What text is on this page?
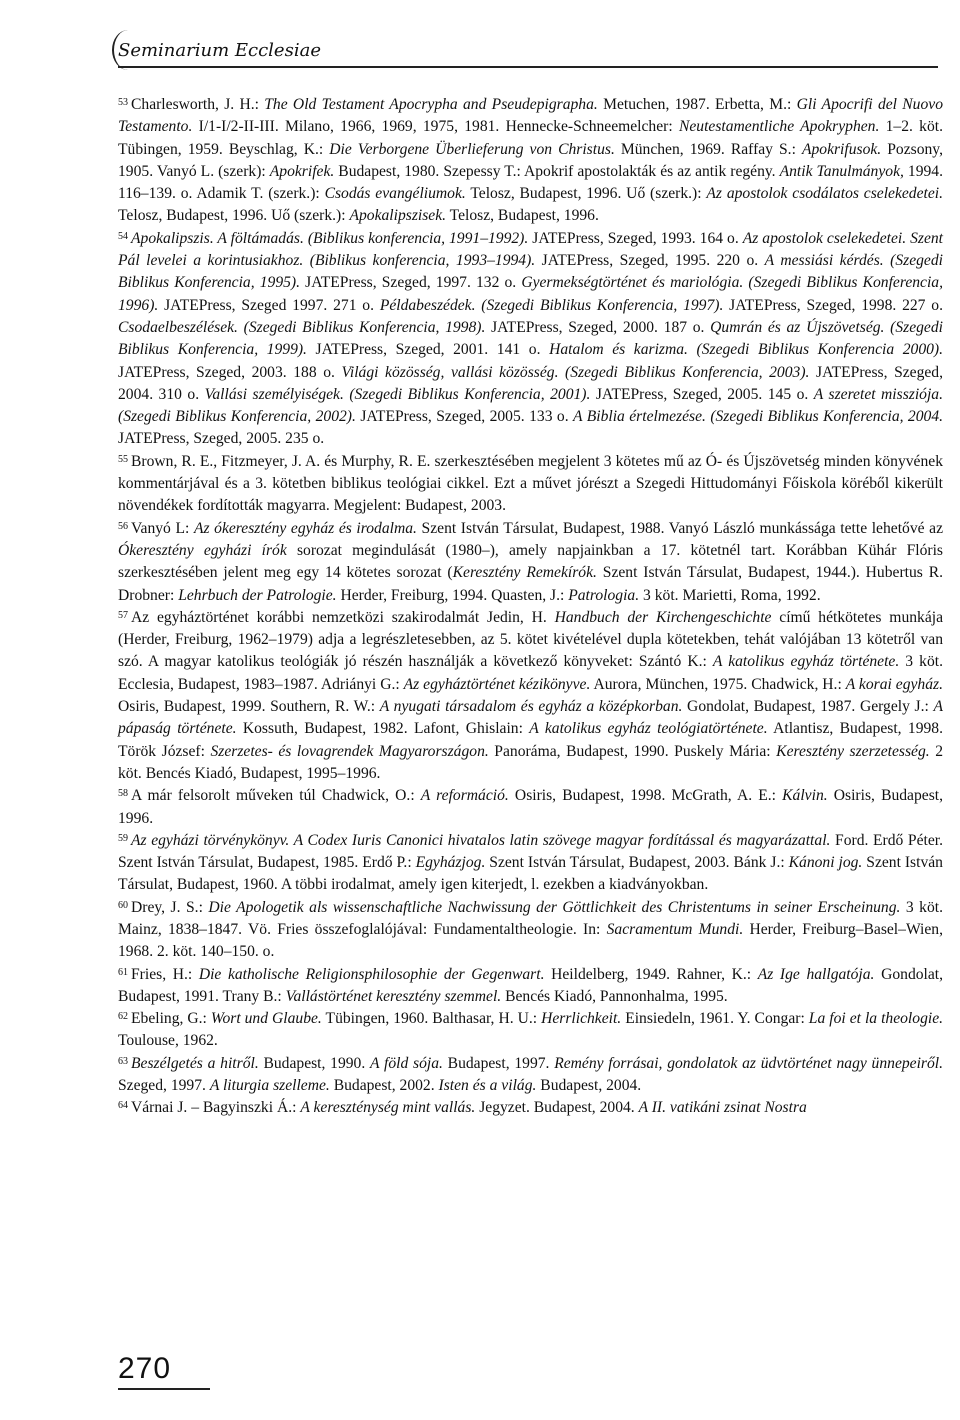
Seminarium Ecclesiae

$^{53}$ Charlesworth, J. H.: The Old Testament Apocrypha and Pseudepigrapha. Metuchen, 1987. Erbetta, M.: Gli Apocrifi del Nuovo Testamento. I/1-I/2-II-III. Milano, 1966, 1969, 1975, 1981. Hennecke-Schneemelcher: Neutestamentliche Apokryphen. 1–2. köt. Tübingen, 1959. Beyschlag, K.: Die Verborgene Überlieferung von Christus. München, 1969. Raffay S.: Apokrifusok. Pozsony, 1905. Vanyó L. (szerk): Apokrifek. Budapest, 1980. Szepessy T.: Apokrif apostolakták és az antik regény. Antik Tanulmányok, 1994. 116–139. o. Adamik T. (szerk.): Csodás evangéliumok. Telosz, Budapest, 1996. Uő (szerk.): Az apostolok csodálatos cselekedetei. Telosz, Budapest, 1996. Uő (szerk.): Apokalipszisek. Telosz, Budapest, 1996.

$^{54}$ Apokalipszis. A föltámadás. (Biblikus konferencia, 1991–1992). JATEPress, Szeged, 1993. 164 o. Az apostolok cselekedetei. Szent Pál levelei a korintusiakhoz. (Biblikus konferencia, 1993–1994). JATEPress, Szeged, 1995. 220 o. A messiási kérdés. (Szegedi Biblikus Konferencia, 1995). JATEPress, Szeged, 1997. 132 o. Gyermekségtörténet és mariológia. (Szegedi Biblikus Konferencia, 1996). JATEPress, Szeged 1997. 271 o. Példabeszédek. (Szegedi Biblikus Konferencia, 1997). JATEPress, Szeged, 1998. 227 o. Csodaelbeszélések. (Szegedi Biblikus Konferencia, 1998). JATEPress, Szeged, 2000. 187 o. Qumrán és az Újszövetség. (Szegedi Biblikus Konferencia, 1999). JATEPress, Szeged, 2001. 141 o. Hatalom és karizma. (Szegedi Biblikus Konferencia 2000). JATEPress, Szeged, 2003. 188 o. Világi közösség, vallási közösség. (Szegedi Biblikus Konferencia, 2003). JATEPress, Szeged, 2004. 310 o. Vallási személyiségek. (Szegedi Biblikus Konferencia, 2001). JATEPress, Szeged, 2005. 145 o. A szeretet missziója. (Szegedi Biblikus Konferencia, 2002). JATEPress, Szeged, 2005. 133 o. A Biblia értelmezése. (Szegedi Biblikus Konferencia, 2004. JATEPress, Szeged, 2005. 235 o.

$^{55}$ Brown, R. E., Fitzmeyer, J. A. és Murphy, R. E. szerkesztésében megjelent 3 kötetes mű az Ó- és Újszövetség minden könyvének kommentárjával és a 3. kötetben biblikus teológiai cikkel. Ezt a művet jórészt a Szegedi Hittudományi Főiskola köréből kikerült növendékek fordították magyarra. Megjelent: Budapest, 2003.

$^{56}$ Vanyó L: Az ókeresztény egyház és irodalma. Szent István Társulat, Budapest, 1988. Vanyó László munkássága tette lehetővé az Ókeresztény egyházi írók sorozat megindulását (1980–), amely napjainkban a 17. kötetnél tart. Korábban Kühár Flóris szerkesztésében jelent meg egy 14 kötetes sorozat (Keresztény Remekírók. Szent István Társulat, Budapest, 1944.). Hubertus R. Drobner: Lehrbuch der Patrologie. Herder, Freiburg, 1994. Quasten, J.: Patrologia. 3 köt. Marietti, Roma, 1992.

$^{57}$ Az egyháztörténet korábbi nemzetközi szakirodalmát Jedin, H. Handbuch der Kirchengeschichte című hétkötetes munkája (Herder, Freiburg, 1962–1979) adja a legrészletesebben, az 5. kötet kivételével dupla kötetekben, tehát valójában 13 kötetről van szó. A magyar katolikus teológiák jó részén használják a következő könyveket: Szántó K.: A katolikus egyház története. 3 köt. Ecclesia, Budapest, 1983–1987. Adriányi G.: Az egyháztörténet kézikönyve. Aurora, München, 1975. Chadwick, H.: A korai egyház. Osiris, Budapest, 1999. Southern, R. W.: A nyugati társadalom és egyház a középkorban. Gondolat, Budapest, 1987. Gergely J.: A pápaság története. Kossuth, Budapest, 1982. Lafont, Ghislain: A katolikus egyház teológiatörténete. Atlantisz, Budapest, 1998. Török József: Szerzetes- és lovagrendek Magyarországon. Panoráma, Budapest, 1990. Puskely Mária: Keresztény szerzetesség. 2 köt. Bencés Kiadó, Budapest, 1995–1996.

$^{58}$ A már felsorolt műveken túl Chadwick, O.: A reformáció. Osiris, Budapest, 1998. McGrath, A. E.: Kálvin. Osiris, Budapest, 1996.

$^{59}$ Az egyházi törvénykönyv. A Codex Iuris Canonici hivatalos latin szövege magyar fordítással és magyarázattal. Ford. Erdő Péter. Szent István Társulat, Budapest, 1985. Erdő P.: Egyházjog. Szent István Társulat, Budapest, 2003. Bánk J.: Kánoni jog. Szent István Társulat, Budapest, 1960. A többi irodalmat, amely igen kiterjedt, l. ezekben a kiadványokban.

$^{60}$ Drey, J. S.: Die Apologetik als wissenschaftliche Nachwissung der Göttlichkeit des Christentums in seiner Erscheinung. 3 köt. Mainz, 1838–1847. Vö. Fries összefoglalójával: Fundamentaltheologie. In: Sacramentum Mundi. Herder, Freiburg–Basel–Wien, 1968. 2. köt. 140–150. o.

$^{61}$ Fries, H.: Die katholische Religionsphilosophie der Gegenwart. Heildelberg, 1949. Rahner, K.: Az Ige hallgatója. Gondolat, Budapest, 1991. Trany B.: Vallástörténet keresztény szemmel. Bencés Kiadó, Pannonhalma, 1995.

$^{62}$ Ebeling, G.: Wort und Glaube. Tübingen, 1960. Balthasar, H. U.: Herrlichkeit. Einsiedeln, 1961. Y. Congar: La foi et la theologie. Toulouse, 1962.

$^{63}$ Beszélgetés a hitről. Budapest, 1990. A föld sója. Budapest, 1997. Remény forrásai, gondolatok az üdvtörténet nagy ünnepeiről. Szeged, 1997. A liturgia szelleme. Budapest, 2002. Isten és a világ. Budapest, 2004.

$^{64}$ Várnai J. – Bagyinszki Á.: A kereszténység mint vallás. Jegyzet. Budapest, 2004. A II. vatikáni zsinat Nostra

270
